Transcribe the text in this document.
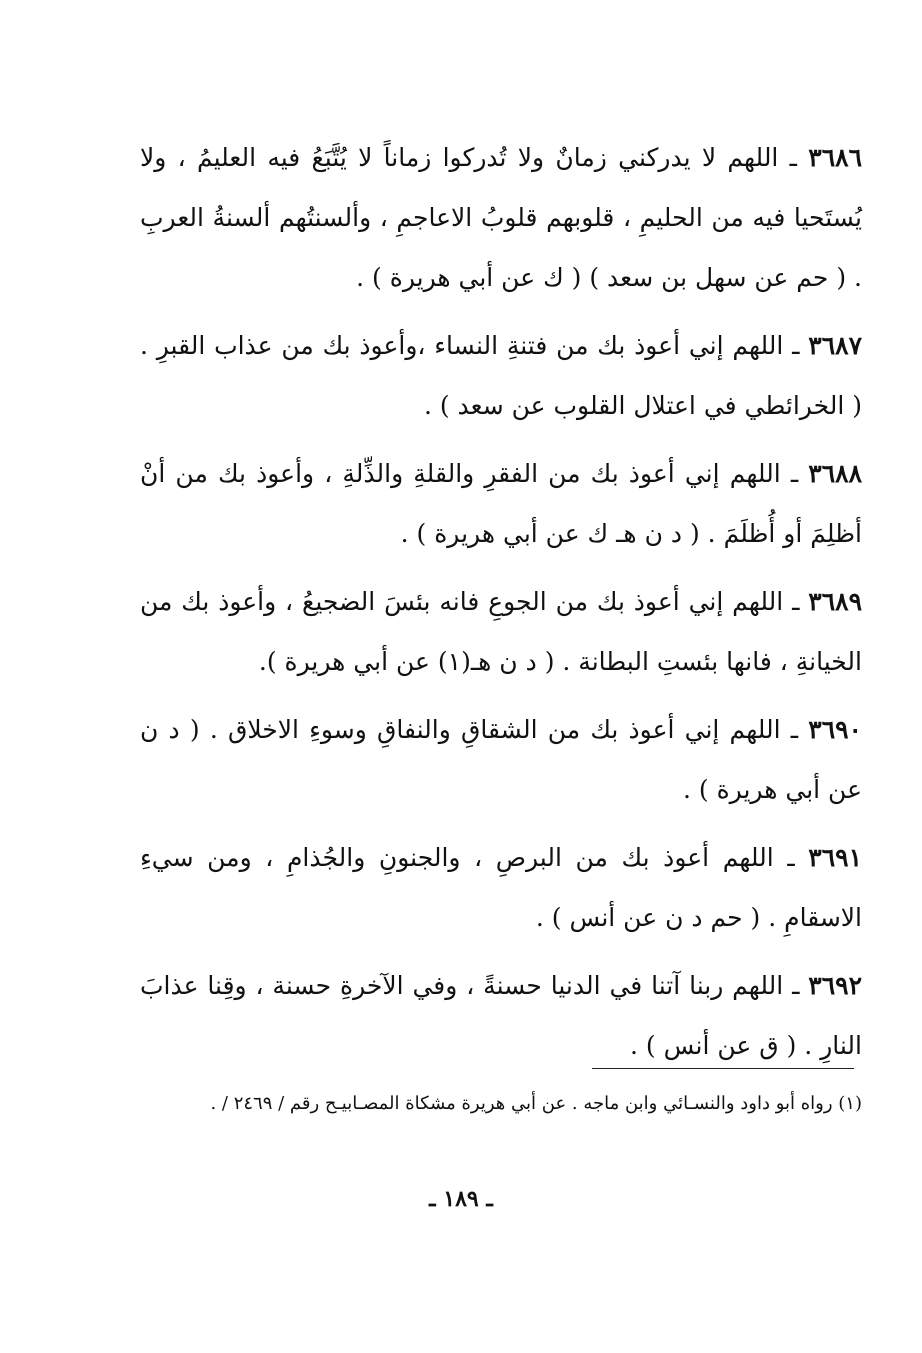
٣٦٨٦ ـ اللهم لا يدركني زمانٌ ولا تُدركوا زماناً لا يُتَّبَعُ فيه العليمُ ، ولا يُستَحيا فيه من الحليمِ ، قلوبهم قلوبُ الاعاجمِ ، وألسنتُهم ألسنةُ العربِ . ( حم عن سهل بن سعد ) ( ك عن أبي هريرة ) .

٣٦٨٧ ـ اللهم إني أعوذ بك من فتنةِ النساء ،وأعوذ بك من عذاب القبرِ . ( الخرائطي في اعتلال القلوب عن سعد ) .

٣٦٨٨ ـ اللهم إني أعوذ بك من الفقرِ والقلةِ والذِّلةِ ، وأعوذ بك من أنْ أظلِمَ أو أُظلَمَ . ( د ن هـ ك عن أبي هريرة ) .

٣٦٨٩ ـ اللهم إني أعوذ بك من الجوعِ فانه بئسَ الضجيعُ ، وأعوذ بك من الخيانةِ ، فانها بئستِ البطانة . ( د ن هـ(١) عن أبي هريرة ).

٣٦٩٠ ـ اللهم إني أعوذ بك من الشقاقِ والنفاقِ وسوءِ الاخلاق . ( د ن عن أبي هريرة ) .

٣٦٩١ ـ اللهم أعوذ بك من البرصِ ، والجنونِ والجُذامِ ، ومن سيءِ الاسقامِ . ( حم د ن عن أنس ) .

٣٦٩٢ ـ اللهم ربنا آتنا في الدنيا حسنةً ، وفي الآخرةِ حسنة ، وقِنا عذابَ النارِ . ( ق عن أنس ) .

(١) رواه أبو داود والنسـائي وابن ماجه . عن أبي هريرة مشكاة المصـابيـح رقم / ٢٤٦٩ / .
ـ ١٨٩ ـ
